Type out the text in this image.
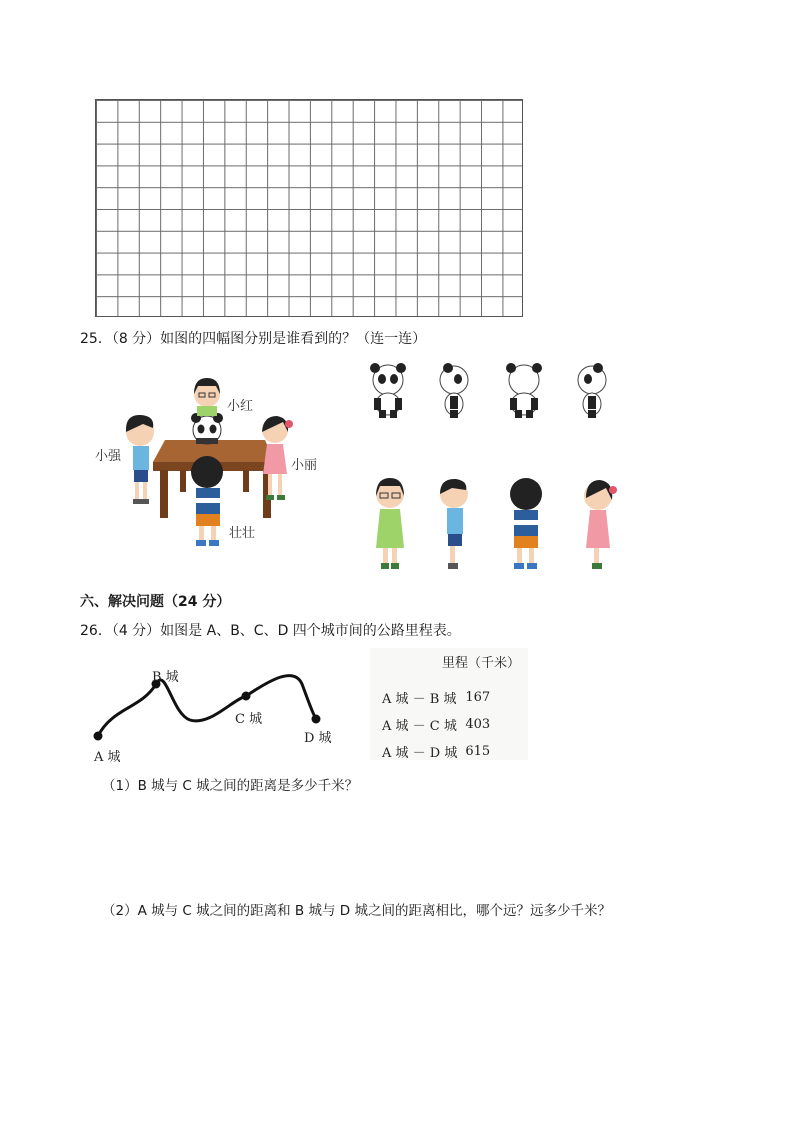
25．（8 分）如图的四幅图分别是谁看到的？（连一连）
小红
小强
小丽
壮壮
六、解决问题（24 分）
26．（4 分）如图是 A、B、C、D 四个城市间的公路里程表。
A 城
B 城
C 城
D 城
里程（千米）
A 城 － B 城	167
A 城 － C 城	403
A 城 － D 城	615
（1）B 城与 C 城之间的距离是多少千米？
（2）A 城与 C 城之间的距离和 B 城与 D 城之间的距离相比，哪个远？远多少千米？
